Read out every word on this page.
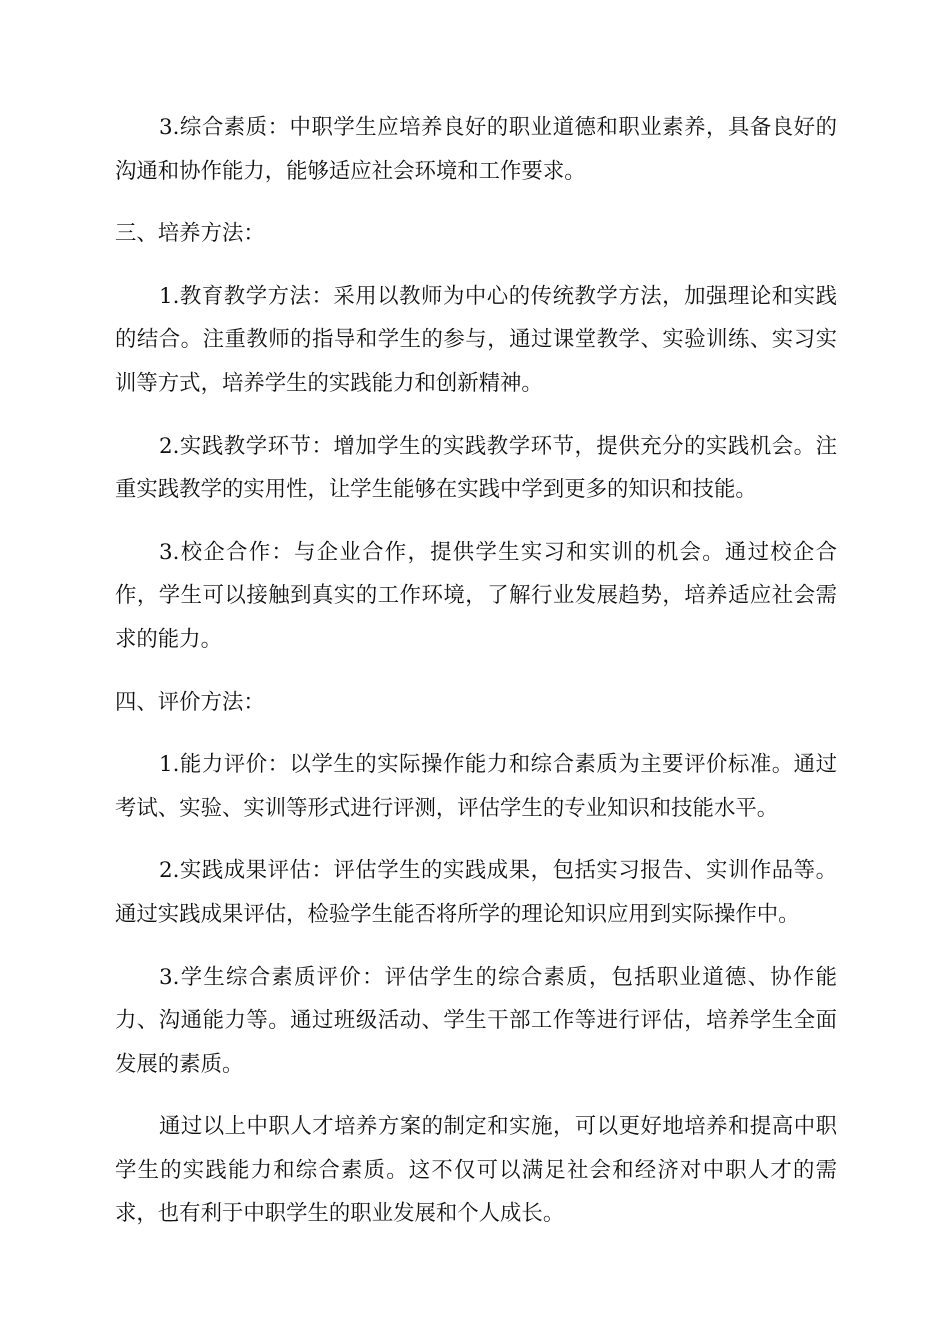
3.综合素质：中职学生应培养良好的职业道德和职业素养，具备良好的沟通和协作能力，能够适应社会环境和工作要求。

三、培养方法：

1.教育教学方法：采用以教师为中心的传统教学方法，加强理论和实践的结合。注重教师的指导和学生的参与，通过课堂教学、实验训练、实习实训等方式，培养学生的实践能力和创新精神。

2.实践教学环节：增加学生的实践教学环节，提供充分的实践机会。注重实践教学的实用性，让学生能够在实践中学到更多的知识和技能。

3.校企合作：与企业合作，提供学生实习和实训的机会。通过校企合作，学生可以接触到真实的工作环境，了解行业发展趋势，培养适应社会需求的能力。

四、评价方法：

1.能力评价：以学生的实际操作能力和综合素质为主要评价标准。通过考试、实验、实训等形式进行评测，评估学生的专业知识和技能水平。

2.实践成果评估：评估学生的实践成果，包括实习报告、实训作品等。通过实践成果评估，检验学生能否将所学的理论知识应用到实际操作中。

3.学生综合素质评价：评估学生的综合素质，包括职业道德、协作能力、沟通能力等。通过班级活动、学生干部工作等进行评估，培养学生全面发展的素质。

通过以上中职人才培养方案的制定和实施，可以更好地培养和提高中职学生的实践能力和综合素质。这不仅可以满足社会和经济对中职人才的需求，也有利于中职学生的职业发展和个人成长。
